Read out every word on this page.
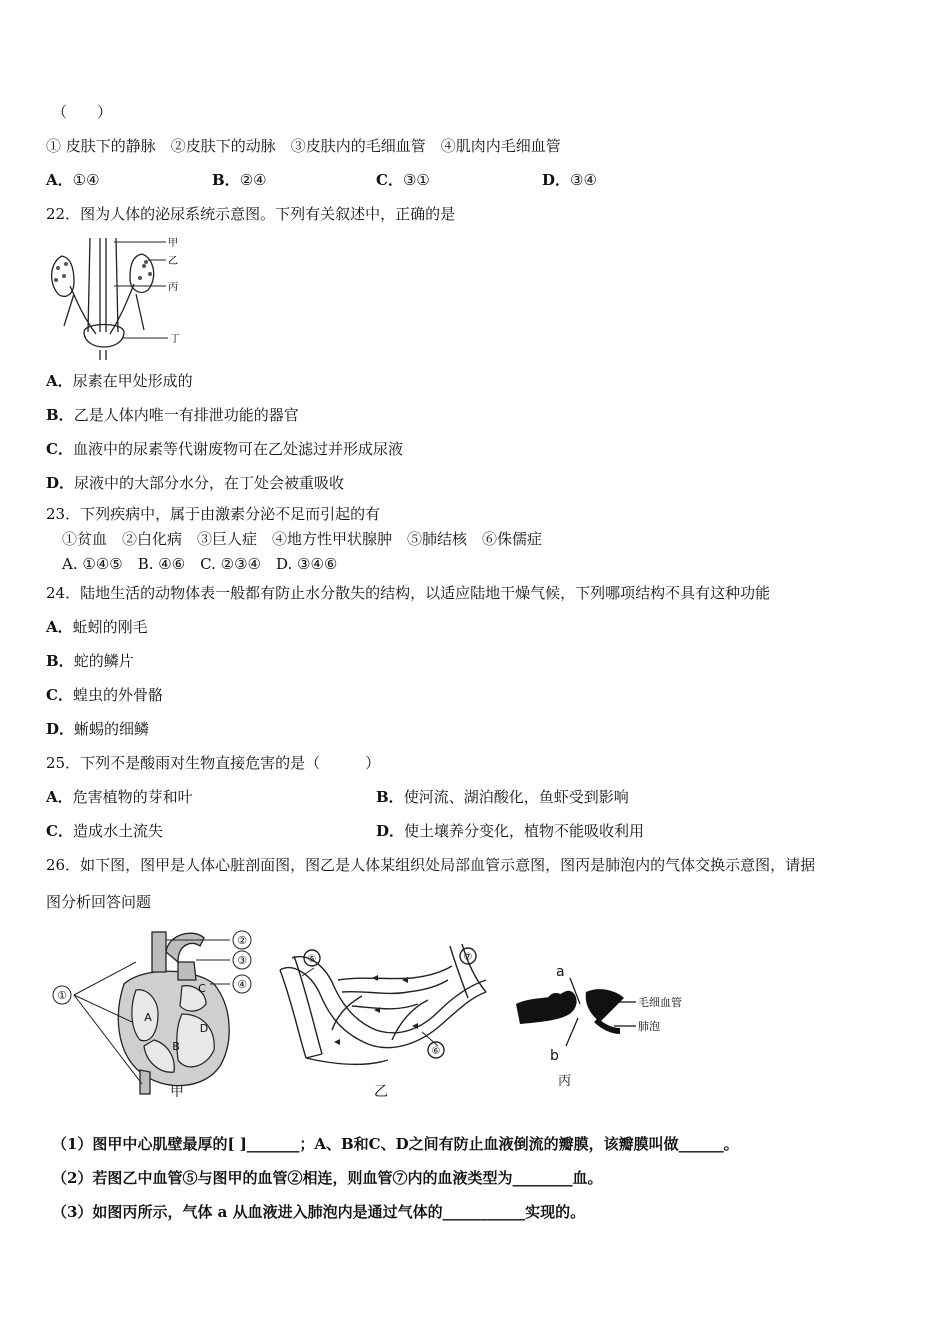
（　　）
① 皮肤下的静脉　②皮肤下的动脉　③皮肤内的毛细血管　④肌肉内毛细血管
A．①④	B．②④	C．③①	D．③④
22．图为人体的泌尿系统示意图。下列有关叙述中，正确的是
甲
乙
丙
丁
A．尿素在甲处形成的
B．乙是人体内唯一有排泄功能的器官
C．血液中的尿素等代谢废物可在乙处滤过并形成尿液
D．尿液中的大部分水分，在丁处会被重吸收
23．下列疾病中，属于由激素分泌不足而引起的有
①贫血　②白化病　③巨人症　④地方性甲状腺肿　⑤肺结核　⑥侏儒症
A. ①④⑤　B. ④⑥　C. ②③④　D. ③④⑥
24．陆地生活的动物体表一般都有防止水分散失的结构，以适应陆地干燥气候，下列哪项结构不具有这种功能
A．蚯蚓的刚毛
B．蛇的鳞片
C．蝗虫的外骨骼
D．蜥蜴的细鳞
25．下列不是酸雨对生物直接危害的是（　　　）
A．危害植物的芽和叶	B．使河流、湖泊酸化，鱼虾受到影响
C．造成水土流失	D．使土壤养分变化，植物不能吸收利用
26．如下图，图甲是人体心脏剖面图，图乙是人体某组织处局部血管示意图，图丙是肺泡内的气体交换示意图，请据
图分析回答问题
①
②
③
④
A
B
C
D
甲
⑤
⑥
⑦
乙
a
b
毛细血管
肺泡
丙
（1）图甲中心肌壁最厚的[ ]_______；A、B和C、D之间有防止血液倒流的瓣膜，该瓣膜叫做______。
（2）若图乙中血管⑤与图甲的血管②相连，则血管⑦内的血液类型为________血。
（3）如图丙所示，气体 a 从血液进入肺泡内是通过气体的___________实现的。
